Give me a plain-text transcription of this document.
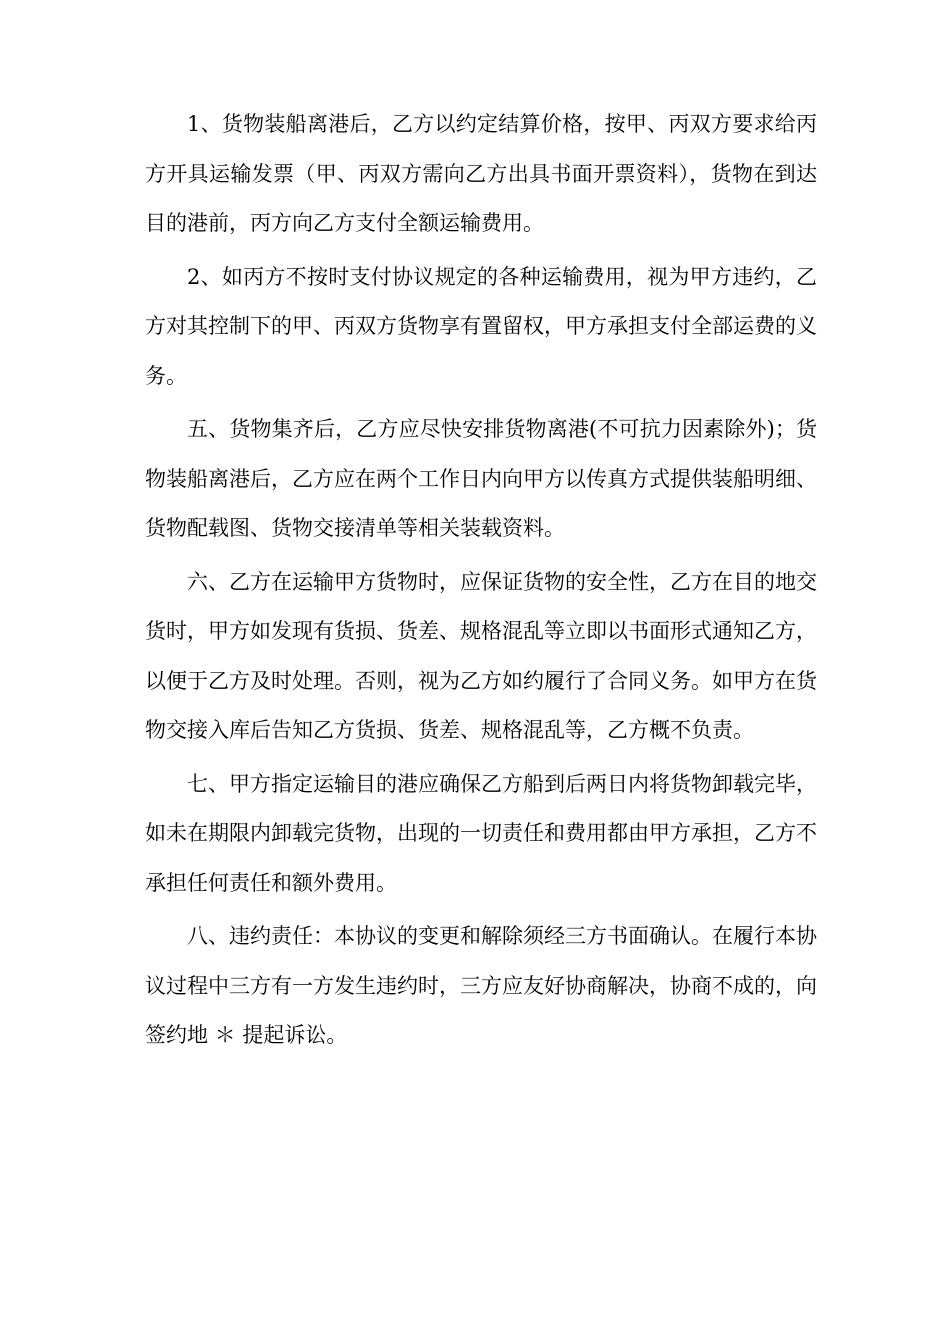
1、货物装船离港后，乙方以约定结算价格，按甲、丙双方要求给丙方开具运输发票（甲、丙双方需向乙方出具书面开票资料），货物在到达目的港前，丙方向乙方支付全额运输费用。

2、如丙方不按时支付协议规定的各种运输费用，视为甲方违约，乙方对其控制下的甲、丙双方货物享有置留权，甲方承担支付全部运费的义务。

五、货物集齐后，乙方应尽快安排货物离港(不可抗力因素除外)；货物装船离港后，乙方应在两个工作日内向甲方以传真方式提供装船明细、货物配载图、货物交接清单等相关装载资料。

六、乙方在运输甲方货物时，应保证货物的安全性，乙方在目的地交货时，甲方如发现有货损、货差、规格混乱等立即以书面形式通知乙方，以便于乙方及时处理。否则，视为乙方如约履行了合同义务。如甲方在货物交接入库后告知乙方货损、货差、规格混乱等，乙方概不负责。

七、甲方指定运输目的港应确保乙方船到后两日内将货物卸载完毕，如未在期限内卸载完货物，出现的一切责任和费用都由甲方承担，乙方不承担任何责任和额外费用。

八、违约责任：本协议的变更和解除须经三方书面确认。在履行本协议过程中三方有一方发生违约时，三方应友好协商解决，协商不成的，向签约地 ＊ 提起诉讼。
